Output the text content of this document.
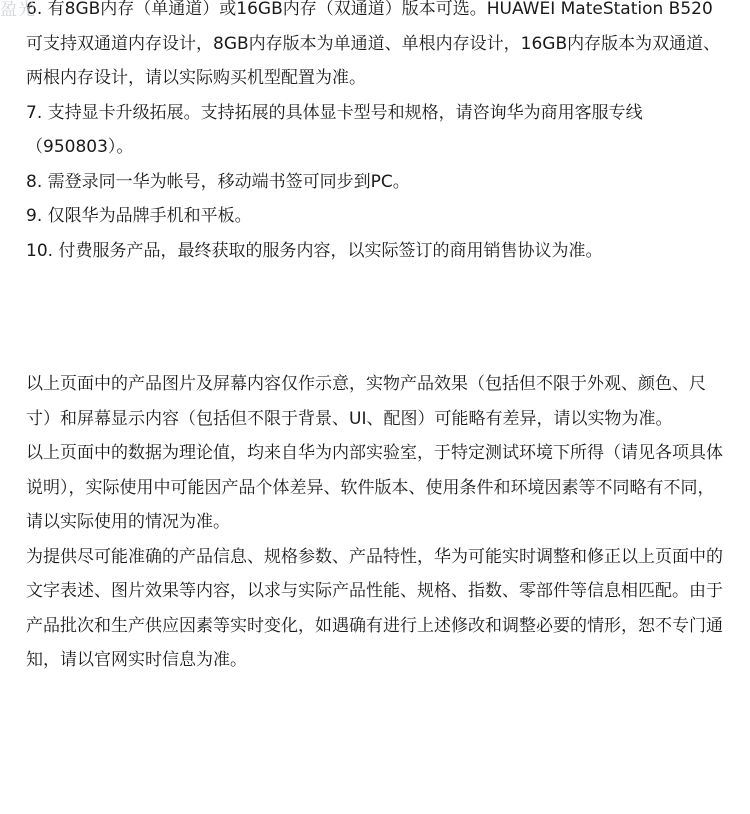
盈光

6. 有8GB内存（单通道）或16GB内存（双通道）版本可选。HUAWEI MateStation B520可支持双通道内存设计，8GB内存版本为单通道、单根内存设计，16GB内存版本为双通道、两根内存设计，请以实际购买机型配置为准。

7. 支持显卡升级拓展。支持拓展的具体显卡型号和规格，请咨询华为商用客服专线（950803）。

8. 需登录同一华为帐号，移动端书签可同步到PC。

9. 仅限华为品牌手机和平板。

10. 付费服务产品，最终获取的服务内容，以实际签订的商用销售协议为准。

以上页面中的产品图片及屏幕内容仅作示意，实物产品效果（包括但不限于外观、颜色、尺寸）和屏幕显示内容（包括但不限于背景、UI、配图）可能略有差异，请以实物为准。

以上页面中的数据为理论值，均来自华为内部实验室，于特定测试环境下所得（请见各项具体说明），实际使用中可能因产品个体差异、软件版本、使用条件和环境因素等不同略有不同，请以实际使用的情况为准。

为提供尽可能准确的产品信息、规格参数、产品特性，华为可能实时调整和修正以上页面中的文字表述、图片效果等内容，以求与实际产品性能、规格、指数、零部件等信息相匹配。由于产品批次和生产供应因素等实时变化，如遇确有进行上述修改和调整必要的情形，恕不专门通知，请以官网实时信息为准。
